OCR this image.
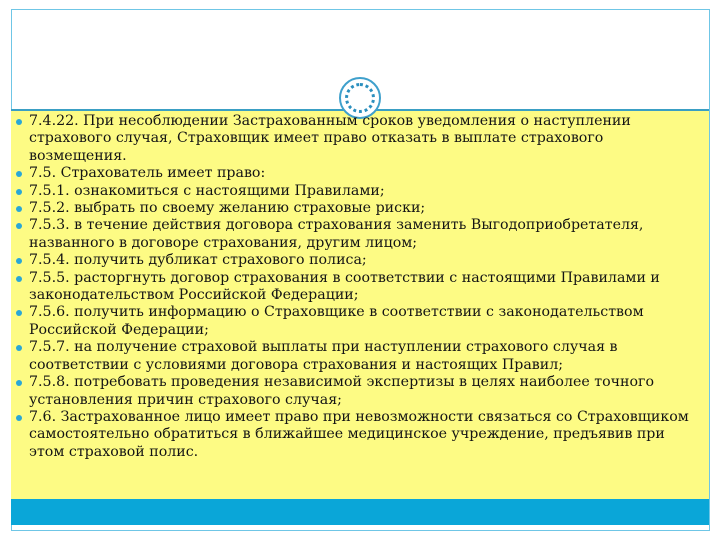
7.4.22. При несоблюдении Застрахованным сроков уведомления о наступлении страхового случая, Страховщик имеет право отказать в выплате страхового возмещения.
7.5. Страхователь имеет право:
7.5.1. ознакомиться с настоящими Правилами;
7.5.2. выбрать по своему желанию страховые риски;
7.5.3. в течение действия договора страхования заменить Выгодоприобретателя, названного в договоре страхования, другим лицом;
7.5.4. получить дубликат страхового полиса;
7.5.5. расторгнуть договор страхования в соответствии с настоящими Правилами и законодательством Российской Федерации;
7.5.6. получить информацию о Страховщике в соответствии с законодательством Российской Федерации;
7.5.7. на получение страховой выплаты при наступлении страхового случая в соответствии с условиями договора страхования и настоящих Правил;
7.5.8. потребовать проведения независимой экспертизы в целях наиболее точного установления причин страхового случая;
7.6. Застрахованное лицо имеет право при невозможности связаться со Страховщиком самостоятельно обратиться в ближайшее медицинское учреждение, предъявив при этом страховой полис.
